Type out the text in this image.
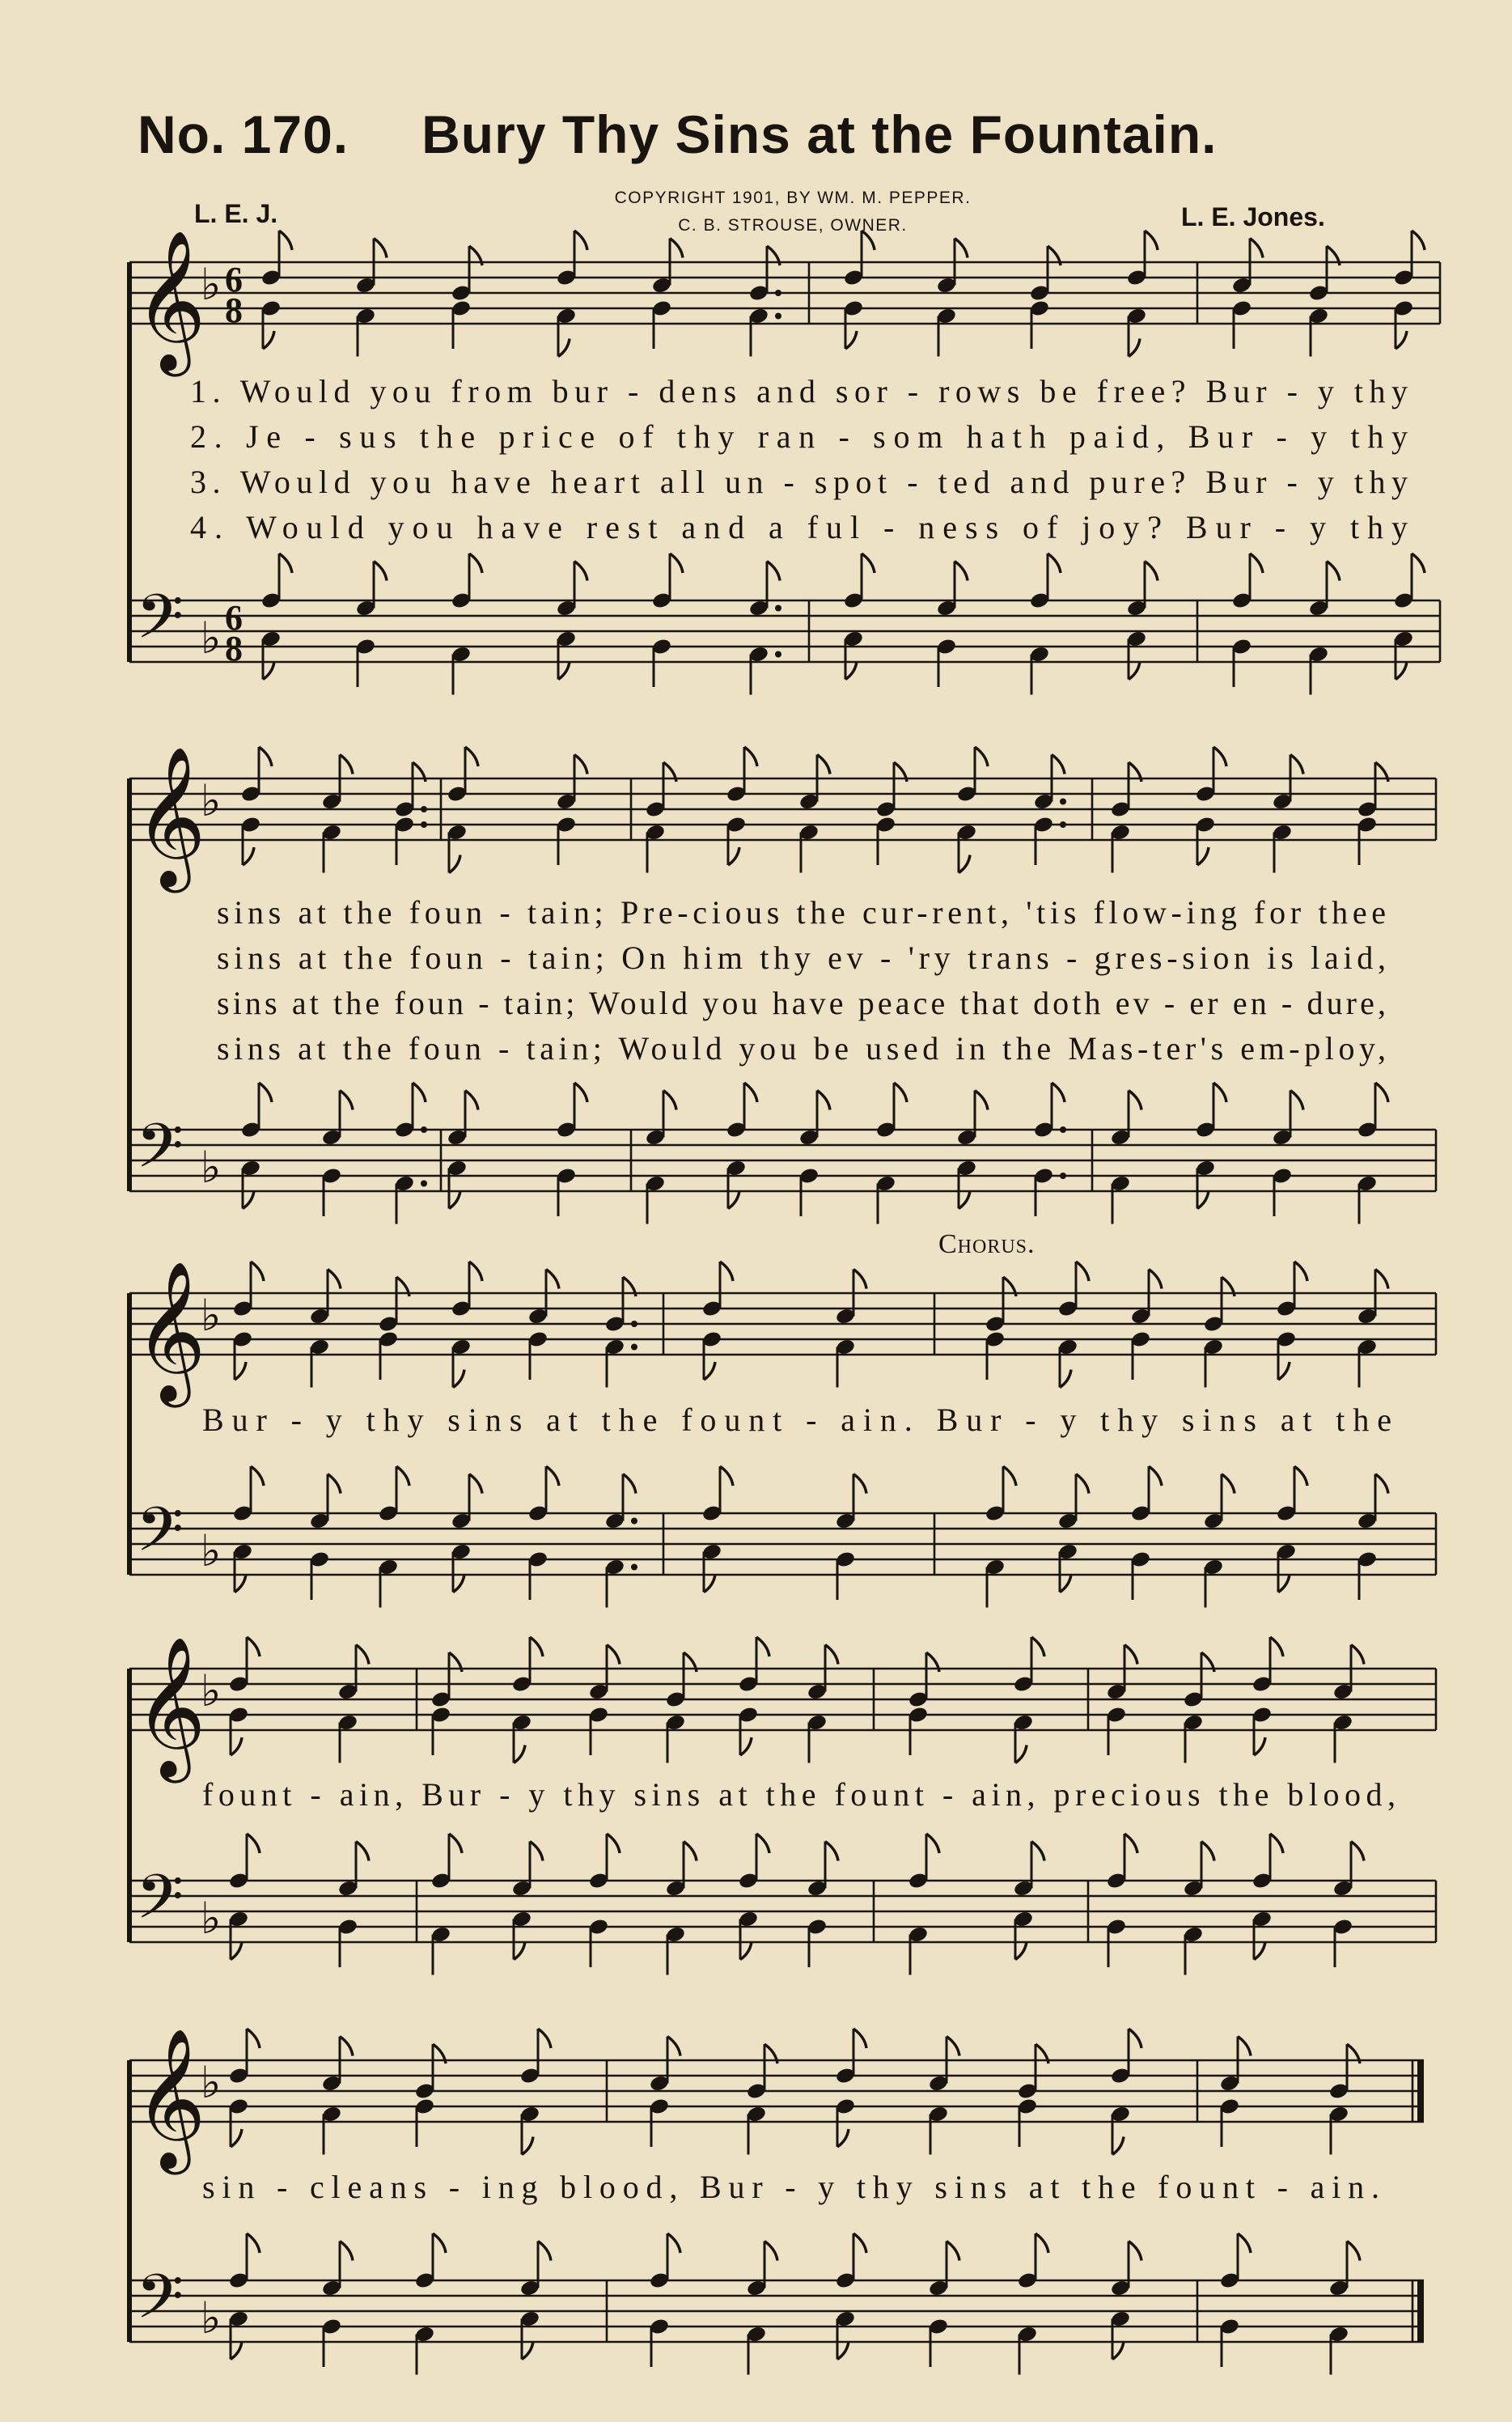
No. 170. Bury Thy Sins at the Fountain.
L. E. J.
COPYRIGHT 1901, BY WM. M. PEPPER.
C. B. STROUSE, OWNER.	L. E. Jones.
𝄞
♭ 6
8
𝄢 ♭ 6
8
𝄞
♭
𝄢 ♭
𝄞
♭
𝄢 ♭
Chorus.
𝄞
♭
𝄢 ♭
𝄞
♭
𝄢 ♭
1. Would you from bur - dens and sor - rows be free? Bur - y thy
2. Je - sus the price of thy ran - som hath paid, Bur - y thy
3. Would you have heart all un - spot - ted and pure? Bur - y thy
4. Would you have rest and a ful - ness of joy? Bur - y thy
sins at the foun - tain; Pre-cious the cur-rent, 'tis flow-ing for thee
sins at the foun - tain; On him thy ev - 'ry trans - gres-sion is laid,
sins at the foun - tain; Would you have peace that doth ev - er en - dure,
sins at the foun - tain; Would you be used in the Mas-ter's em-ploy,
Bur - y thy sins at the fount - ain. Bur - y thy sins at the
fount - ain, Bur - y thy sins at the fount - ain, precious the blood,
sin - cleans - ing blood, Bur - y thy sins at the fount - ain.
